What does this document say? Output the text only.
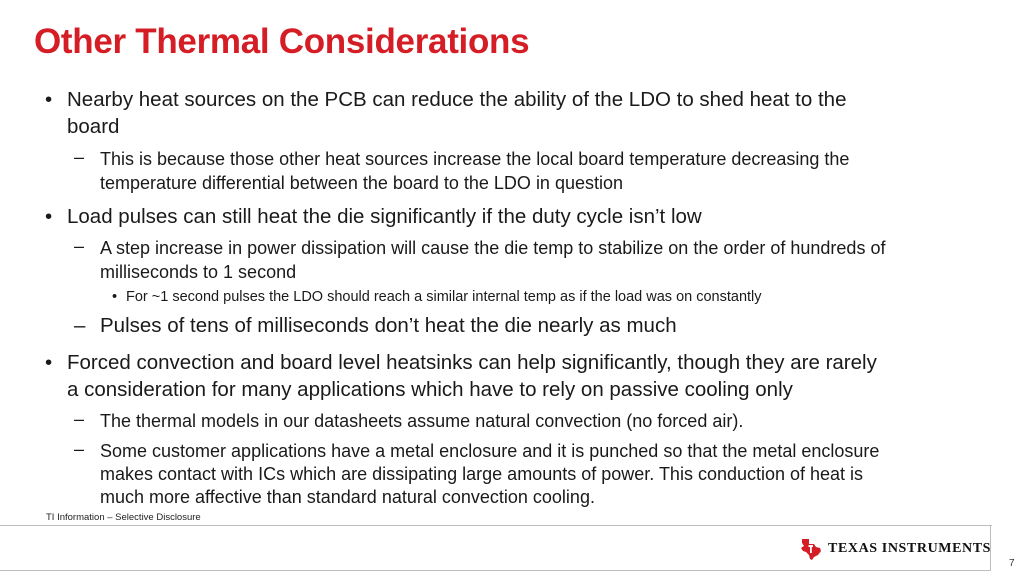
Other Thermal Considerations
• Nearby heat sources on the PCB can reduce the ability of the LDO to shed heat to the
board
– This is because those other heat sources increase the local board temperature decreasing the
temperature differential between the board to the LDO in question
• Load pulses can still heat the die significantly if the duty cycle isn’t low
– A step increase in power dissipation will cause the die temp to stabilize on the order of hundreds of
milliseconds to 1 second
• For ~1 second pulses the LDO should reach a similar internal temp as if the load was on constantly
– Pulses of tens of milliseconds don’t heat the die nearly as much
• Forced convection and board level heatsinks can help significantly, though they are rarely
a consideration for many applications which have to rely on passive cooling only
– The thermal models in our datasheets assume natural convection (no forced air).
– Some customer applications have a metal enclosure and it is punched so that the metal enclosure
makes contact with ICs which are dissipating large amounts of power. This conduction of heat is
much more affective than standard natural convection cooling.
TI Information – Selective Disclosure
TEXAS INSTRUMENTS
7
